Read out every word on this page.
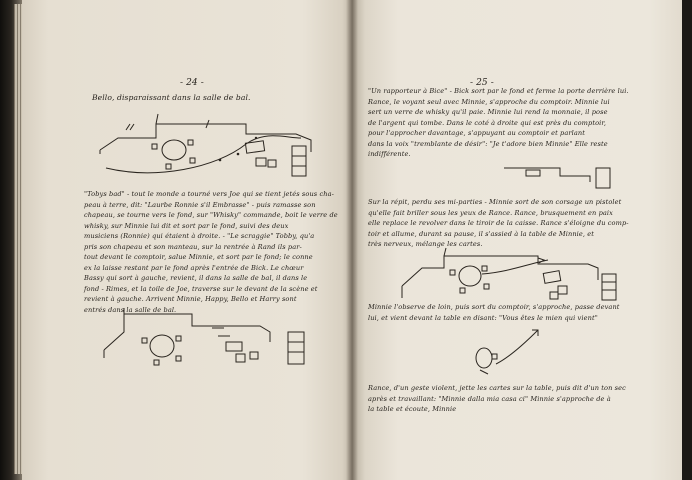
- 24 -
Bello, disparaissant dans la salle de bal.
"Tobys bad" - tout le monde a tourné vers Joe qui se tient jetés sous cha-
peau à terre, dit: "Laurbe Ronnie s'il Embrasse" - puis ramasse son
chapeau, se tourne vers le fond, sur "Whisky" commande, boit le verre de
whisky, sur Minnie lui dit et sort par le fond, suivi des deux
musiciens (Ronnie) qui étaient à droite. - "Le scraggie" Tobby, qu'a
pris son chapeau et son manteau, sur la rentrée à Rand ils par-
tout devant le comptoir, salue Minnie, et sort par le fond; le conne
ex la laisse restant par le fond après l'entrée de Bick. Le chœur
Bassy qui sort à gauche, revient, il dans la salle de bal, il dans le
fond - Rimes, et la toile de Joe, traverse sur le devant de la scène et
revient à gauche. Arrivent Minnie, Happy, Bello et Harry sont
entrés dans la salle de bal.
- 25 -
"Un rapporteur à Bice" - Bick sort par le fond et ferme la porte derrière lui.
Rance, le voyant seul avec Minnie, s'approche du comptoir. Minnie lui
sert un verre de whisky qu'il paie. Minnie lui rend la monnaie, il pose
de l'argent qui tombe. Dans le coté à droite qui est près du comptoir,
pour l'approcher davantage, s'appuyant au comptoir et parlant
dans la voix "tremblante de désir": "Je t'adore bien Minnie" Elle reste
indifférente.
Sur la répit, perdu ses mi-parties - Minnie sort de son corsage un pistolet
qu'elle fait briller sous les yeux de Rance. Rance, brusquement en paix
elle replace le revolver dans le tiroir de la caisse. Rance s'éloigne du comp-
toir et allume, durant sa pause, il s'assied à la table de Minnie, et
très nerveux, mélange les cartes.
Minnie l'observe de loin, puis sort du comptoir, s'approche, passe devant
lui, et vient devant la table en disant: "Vous êtes le mien qui vient"
Rance, d'un geste violent, jette les cartes sur la table, puis dit d'un ton sec
après et travaillant: "Minnie dalla mia casa ci" Minnie s'approche de à
la table et écoute, Minnie
